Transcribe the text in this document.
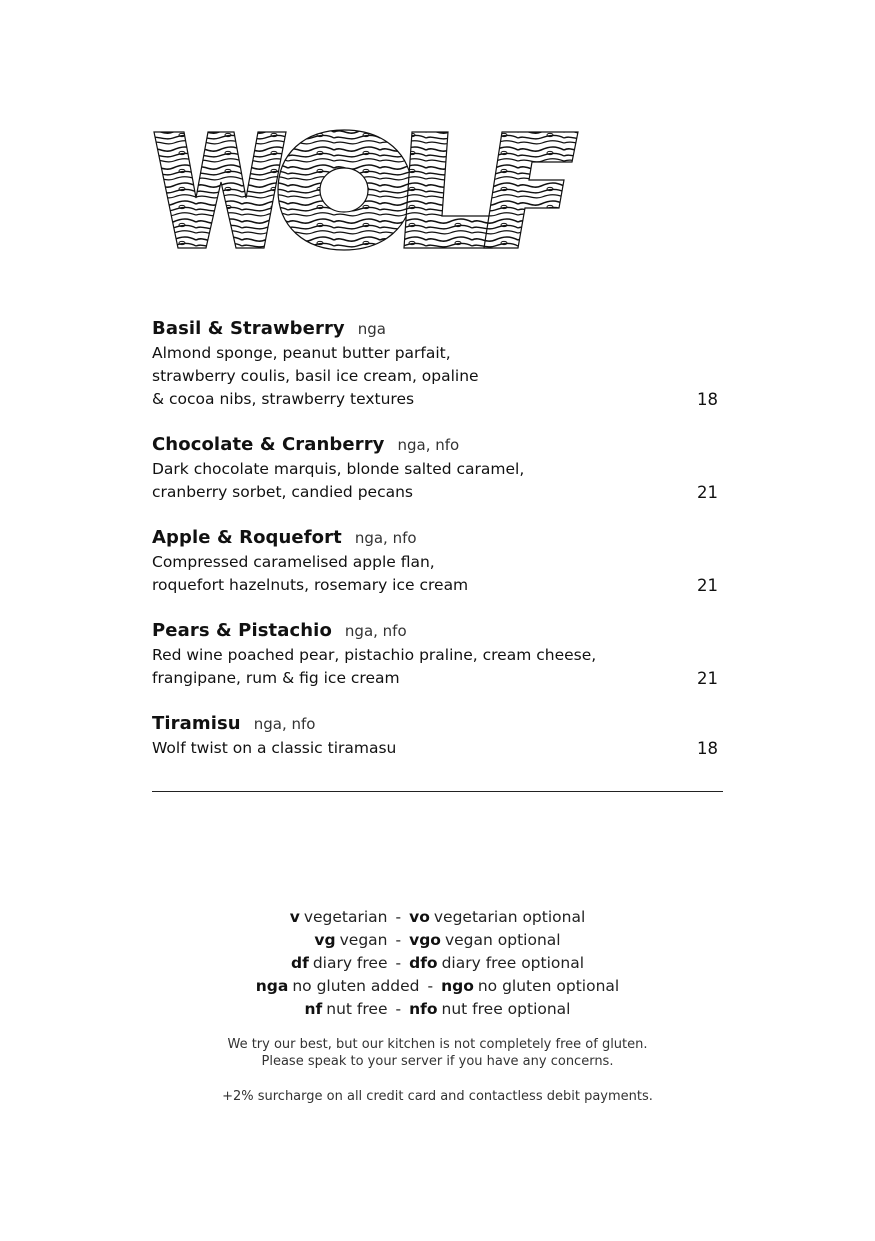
Basil & Strawberry nga
Almond sponge, peanut butter parfait,
strawberry coulis, basil ice cream, opaline
& cocoa nibs, strawberry textures	18
Chocolate & Cranberry nga, nfo
Dark chocolate marquis, blonde salted caramel,
cranberry sorbet, candied pecans	21
Apple & Roquefort nga, nfo
Compressed caramelised apple flan,
roquefort hazelnuts, rosemary ice cream	21
Pears & Pistachio nga, nfo
Red wine poached pear, pistachio praline, cream cheese,
frangipane, rum & fig ice cream	21
Tiramisu nga, nfo
Wolf twist on a classic tiramasu	18
v vegetarian - vo vegetarian optional
vg vegan - vgo vegan optional
df diary free - dfo diary free optional
nga no gluten added - ngo no gluten optional
nf nut free - nfo nut free optional

We try our best, but our kitchen is not completely free of gluten.

Please speak to your server if you have any concerns.

+2% surcharge on all credit card and contactless debit payments.
